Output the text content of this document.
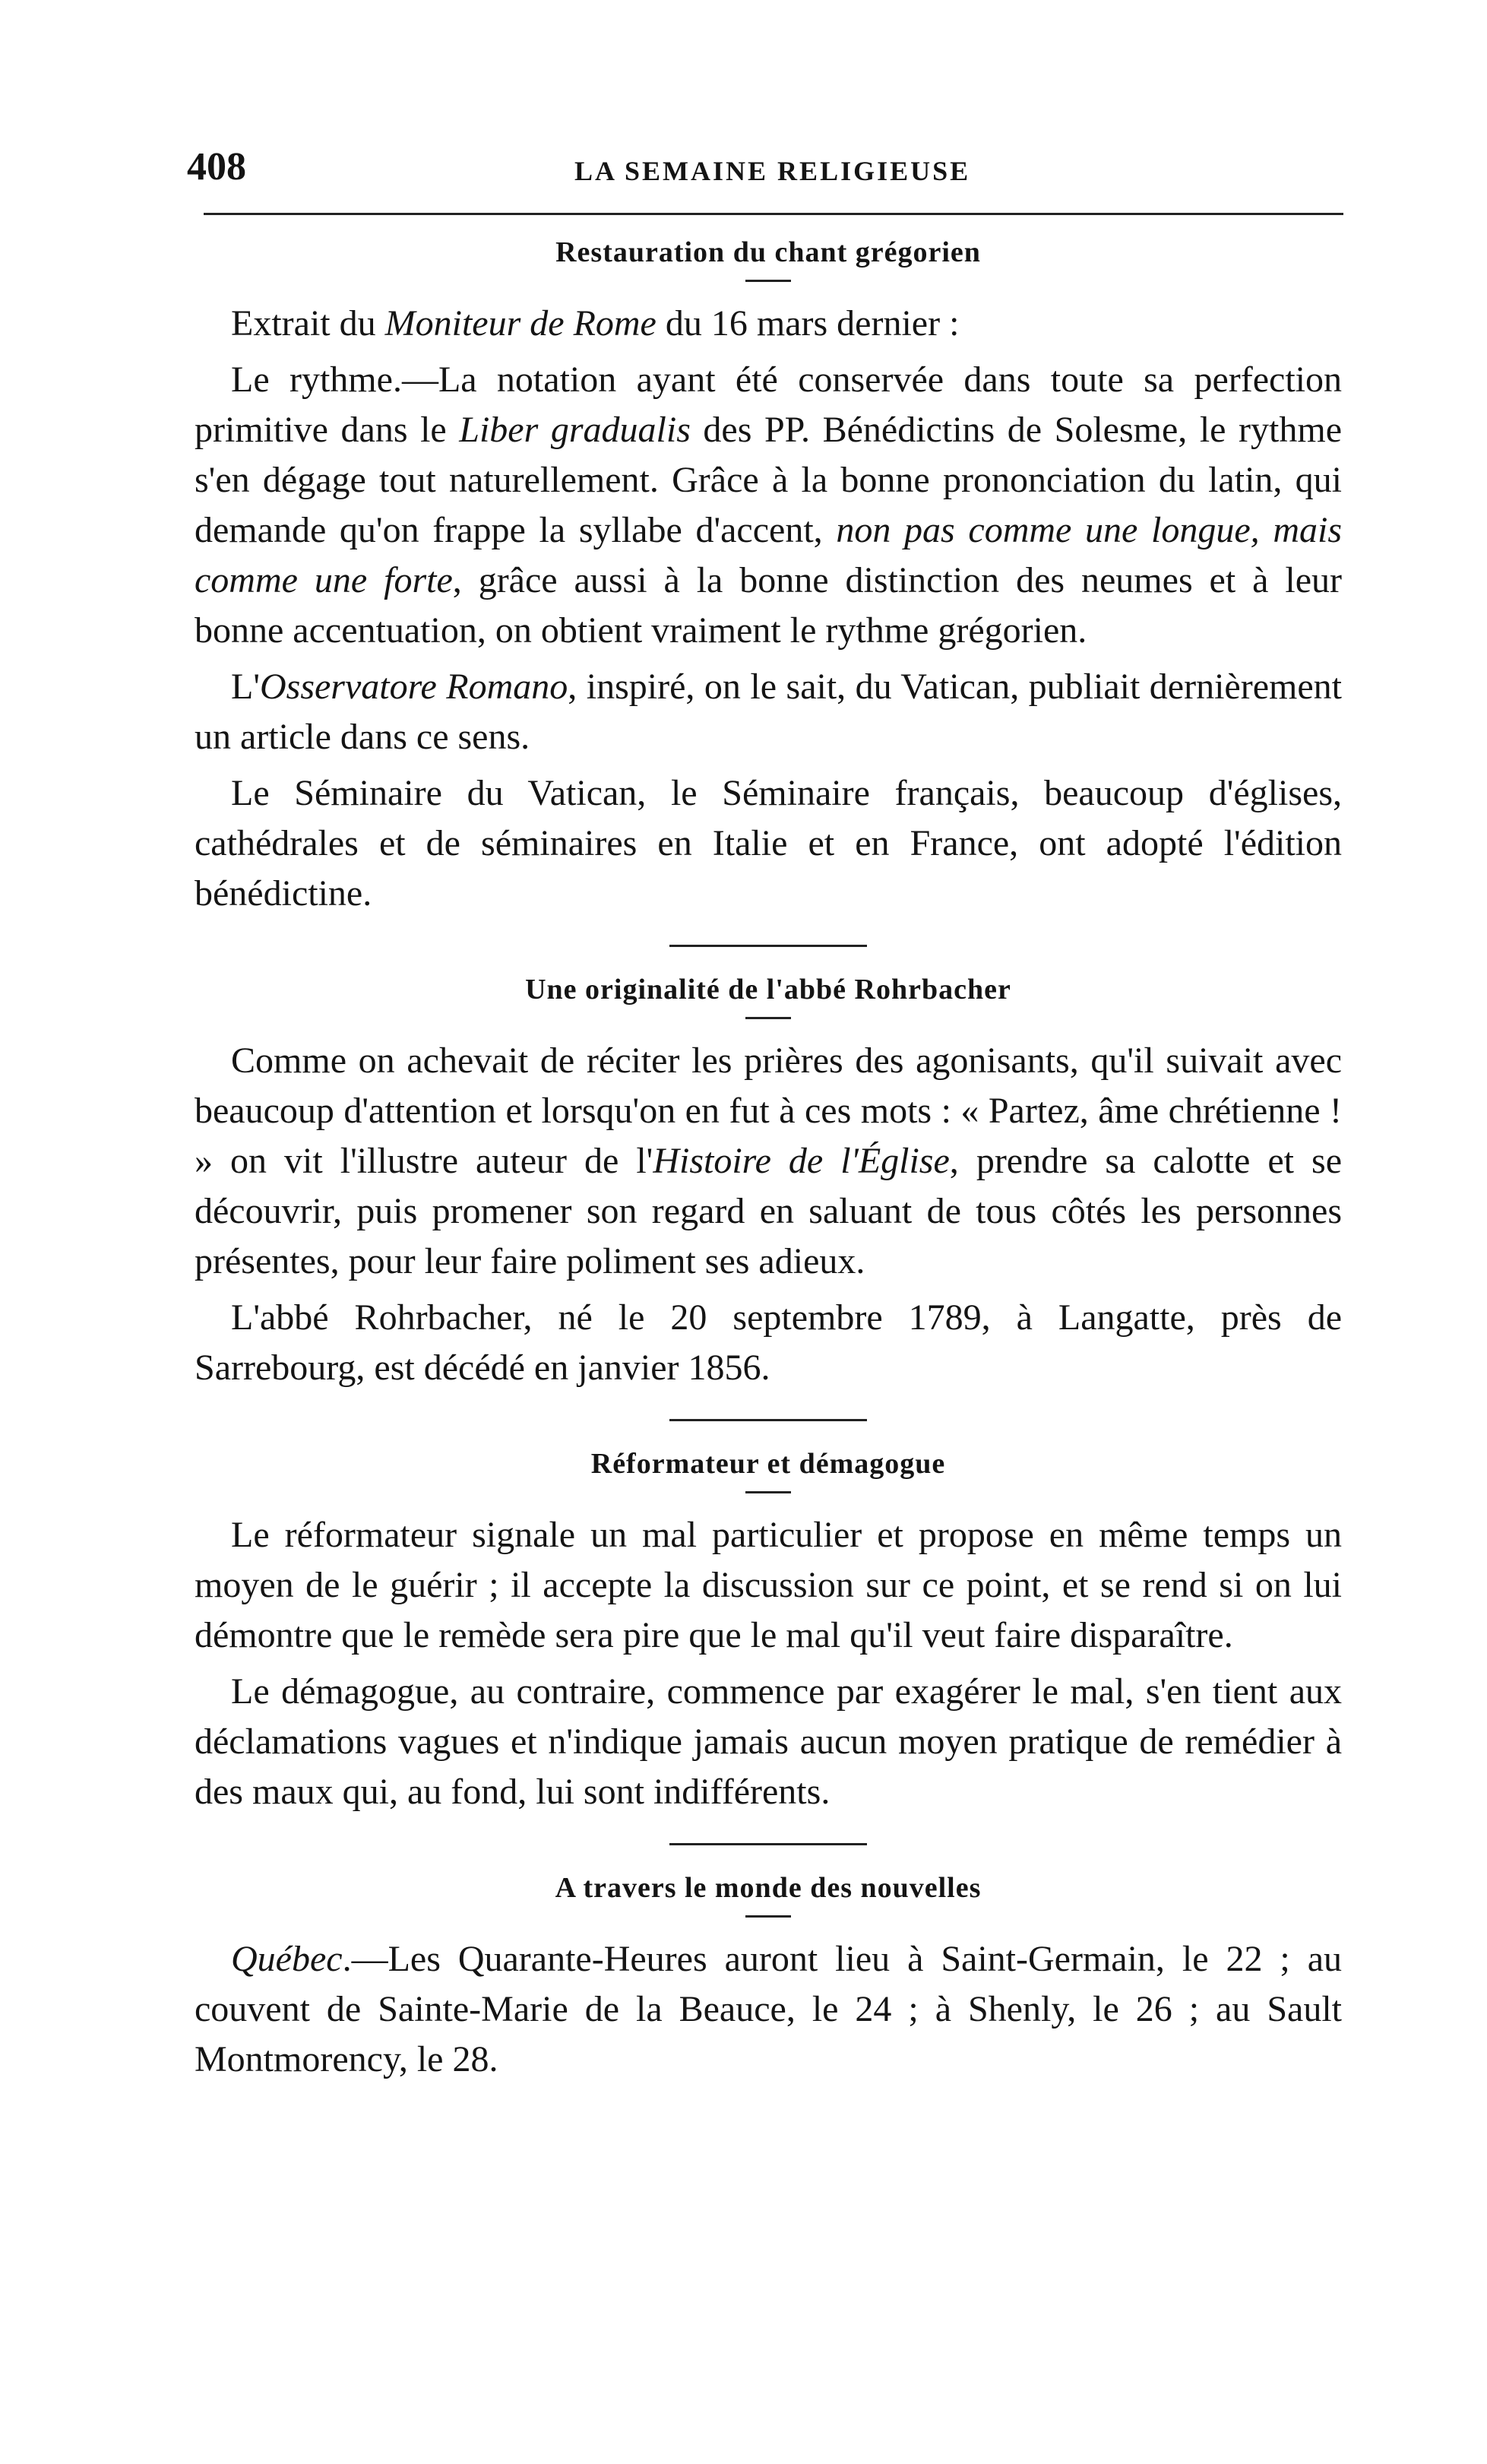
408	LA SEMAINE RELIGIEUSE
Restauration du chant grégorien

Extrait du Moniteur de Rome du 16 mars dernier :

Le rythme.—La notation ayant été conservée dans toute sa perfection primitive dans le Liber gradualis des PP. Bénédictins de Solesme, le rythme s'en dégage tout naturellement. Grâce à la bonne prononciation du latin, qui demande qu'on frappe la syllabe d'accent, non pas comme une longue, mais comme une forte, grâce aussi à la bonne distinction des neumes et à leur bonne accentuation, on obtient vraiment le rythme grégorien.

L'Osservatore Romano, inspiré, on le sait, du Vatican, publiait dernièrement un article dans ce sens.

Le Séminaire du Vatican, le Séminaire français, beaucoup d'églises, cathédrales et de séminaires en Italie et en France, ont adopté l'édition bénédictine.

Une originalité de l'abbé Rohrbacher

Comme on achevait de réciter les prières des agonisants, qu'il suivait avec beaucoup d'attention et lorsqu'on en fut à ces mots : « Partez, âme chrétienne ! » on vit l'illustre auteur de l'Histoire de l'Église, prendre sa calotte et se découvrir, puis promener son regard en saluant de tous côtés les personnes présentes, pour leur faire poliment ses adieux.

L'abbé Rohrbacher, né le 20 septembre 1789, à Langatte, près de Sarrebourg, est décédé en janvier 1856.

Réformateur et démagogue

Le réformateur signale un mal particulier et propose en même temps un moyen de le guérir ; il accepte la discussion sur ce point, et se rend si on lui démontre que le remède sera pire que le mal qu'il veut faire disparaître.

Le démagogue, au contraire, commence par exagérer le mal, s'en tient aux déclamations vagues et n'indique jamais aucun moyen pratique de remédier à des maux qui, au fond, lui sont indifférents.

A travers le monde des nouvelles

Québec.—Les Quarante-Heures auront lieu à Saint-Germain, le 22 ; au couvent de Sainte-Marie de la Beauce, le 24 ; à Shenly, le 26 ; au Sault Montmorency, le 28.
